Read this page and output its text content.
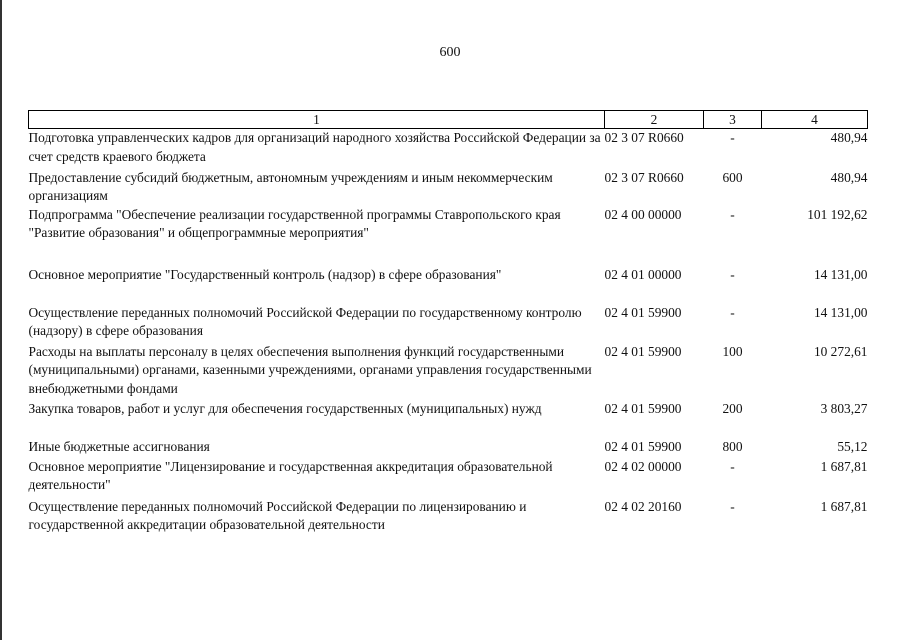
600
1	2	3	4
Подготовка управленческих кадров для организаций народного хозяйства Российской Федерации за счет средств краевого бюджета	02 3 07 R0660	-	480,94
Предоставление субсидий бюджетным, автономным учреждениям и иным некоммерческим организациям	02 3 07 R0660	600	480,94
Подпрограмма "Обеспечение реализации государственной программы Ставропольского края "Развитие образования" и общепрограммные мероприятия"	02 4 00 00000	-	101 192,62
Основное мероприятие "Государственный контроль (надзор) в сфере образования"	02 4 01 00000	-	14 131,00
Осуществление переданных полномочий Российской Федерации по государственному контролю (надзору) в сфере образования	02 4 01 59900	-	14 131,00
Расходы на выплаты персоналу в целях обеспечения выполнения функций государственными (муниципальными) органами, казенными учреждениями, органами управления государственными внебюджетными фондами	02 4 01 59900	100	10 272,61
Закупка товаров, работ и услуг для обеспечения государственных (муниципальных) нужд	02 4 01 59900	200	3 803,27
Иные бюджетные ассигнования	02 4 01 59900	800	55,12
Основное мероприятие "Лицензирование и государственная аккредитация образовательной деятельности"	02 4 02 00000	-	1 687,81
Осуществление переданных полномочий Российской Федерации по лицензированию и государственной аккредитации образовательной деятельности	02 4 02 20160	-	1 687,81
